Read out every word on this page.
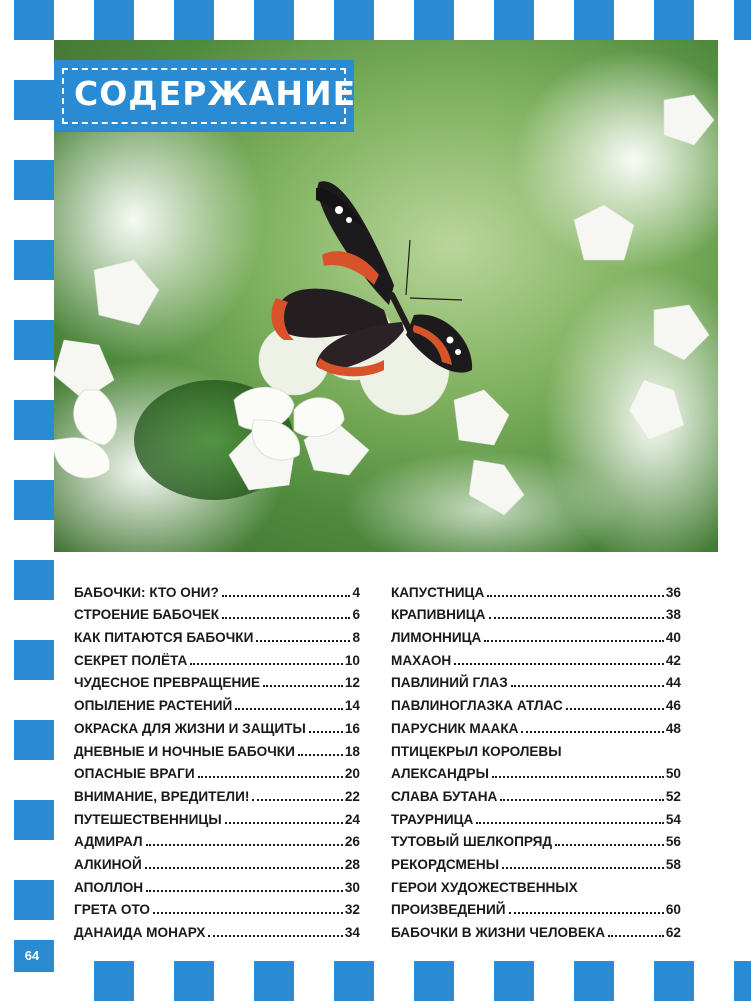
СОДЕРЖАНИЕ
БАБОЧКИ: КТО ОНИ?	4
СТРОЕНИЕ БАБОЧЕК	6
КАК ПИТАЮТСЯ БАБОЧКИ	8
СЕКРЕТ ПОЛЁТА	10
ЧУДЕСНОЕ ПРЕВРАЩЕНИЕ	12
ОПЫЛЕНИЕ РАСТЕНИЙ	14
ОКРАСКА ДЛЯ ЖИЗНИ И ЗАЩИТЫ	16
ДНЕВНЫЕ И НОЧНЫЕ БАБОЧКИ	18
ОПАСНЫЕ ВРАГИ	20
ВНИМАНИЕ, ВРЕДИТЕЛИ!	22
ПУТЕШЕСТВЕННИЦЫ	24
АДМИРАЛ	26
АЛКИНОЙ	28
АПОЛЛОН	30
ГРЕТА ОТО	32
ДАНАИДА МОНАРХ	34
КАПУСТНИЦА	36
КРАПИВНИЦА	38
ЛИМОННИЦА	40
МАХАОН	42
ПАВЛИНИЙ ГЛАЗ	44
ПАВЛИНОГЛАЗКА АТЛАС	46
ПАРУСНИК МААКА	48
ПТИЦЕКРЫЛ КОРОЛЕВЫ
АЛЕКСАНДРЫ	50
СЛАВА БУТАНА	52
ТРАУРНИЦА	54
ТУТОВЫЙ ШЕЛКОПРЯД	56
РЕКОРДСМЕНЫ	58
ГЕРОИ ХУДОЖЕСТВЕННЫХ
ПРОИЗВЕДЕНИЙ	60
БАБОЧКИ В ЖИЗНИ ЧЕЛОВЕКА	62
64
